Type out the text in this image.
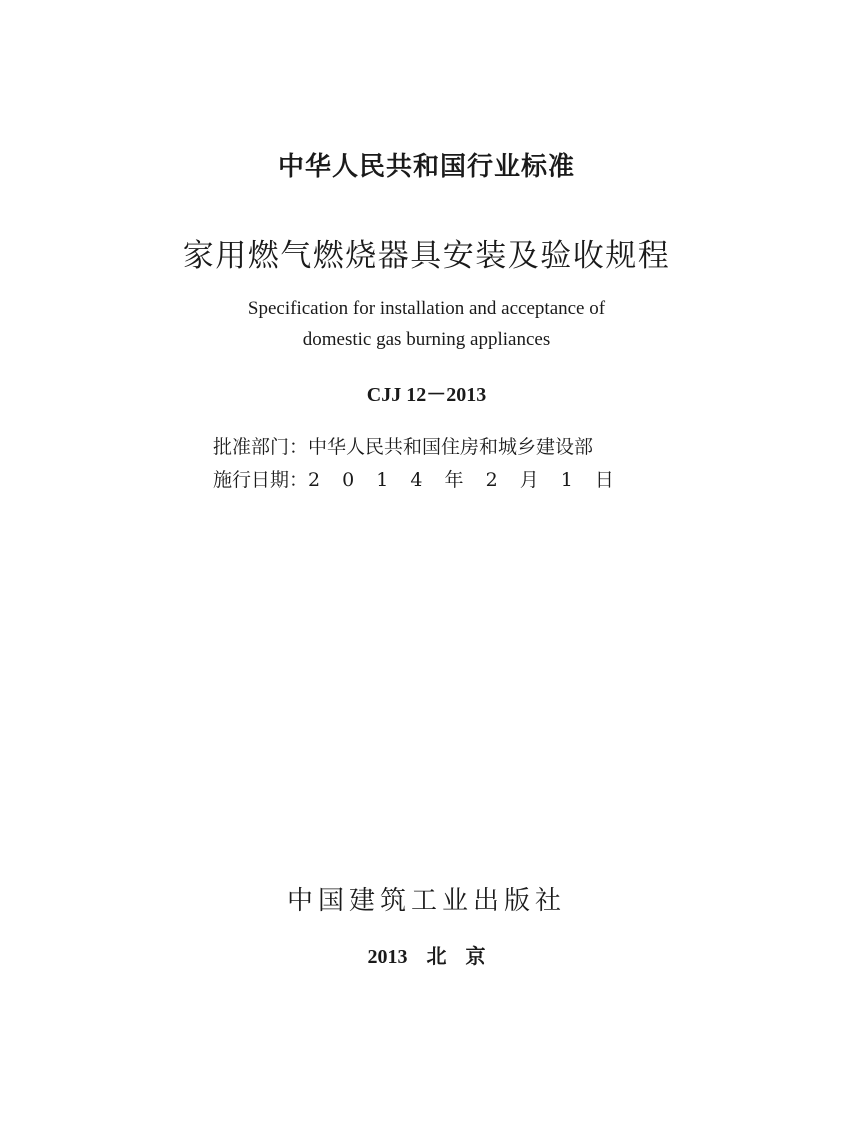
中华人民共和国行业标准
家用燃气燃烧器具安装及验收规程
Specification for installation and acceptance of
domestic gas burning appliances
CJJ 12－2013
批准部门：中华人民共和国住房和城乡建设部
施行日期：2 0 1 4 年 2 月 1 日
中国建筑工业出版社
2013 北 京
